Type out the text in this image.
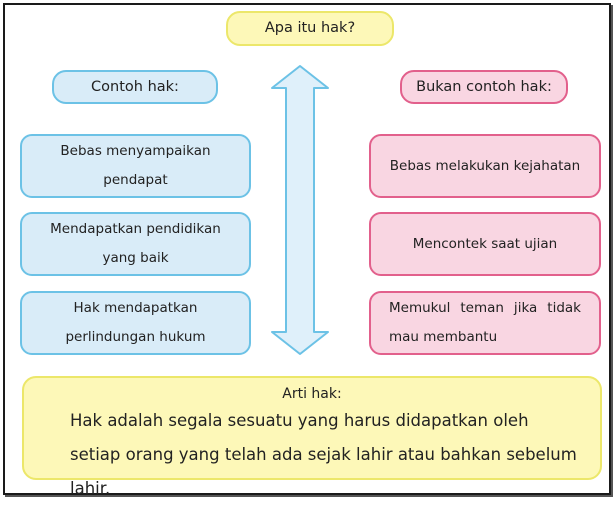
Apa itu hak?
Contoh hak:	Bukan contoh hak:
Bebas menyampaikan pendapat
Mendapatkan pendidikan yang baik
Hak mendapatkan perlindungan hukum
Bebas melakukan kejahatan
Mencontek saat ujian
Memukul teman jika tidak mau membantu
Arti hak:
Hak adalah segala sesuatu yang harus didapatkan oleh setiap orang yang telah ada sejak lahir atau bahkan sebelum lahir.
